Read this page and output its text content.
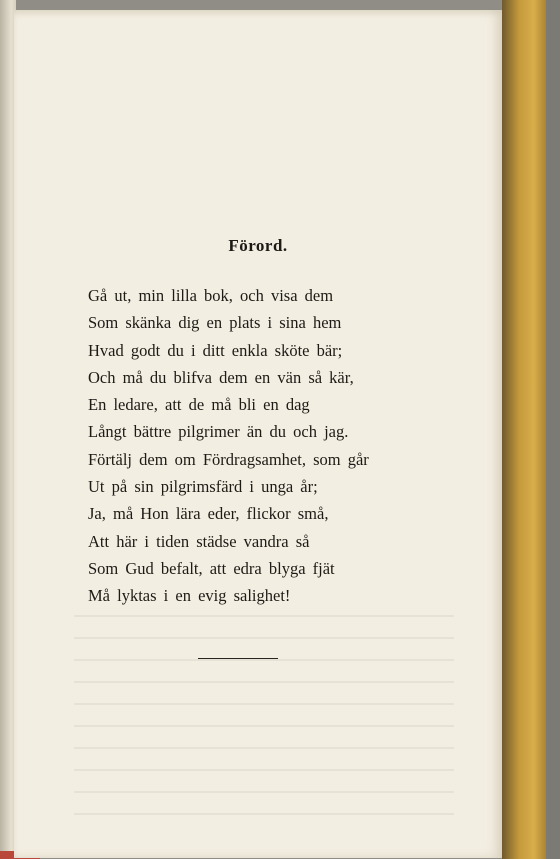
Förord.
Gå ut, min lilla bok, och visa dem
Som skänka dig en plats i sina hem
Hvad godt du i ditt enkla sköte bär;
Och må du blifva dem en vän så kär,
En ledare, att de må bli en dag
Långt bättre pilgrimer än du och jag.
Förtälj dem om Fördragsamhet, som går
Ut på sin pilgrimsfärd i unga år;
Ja, må Hon lära eder, flickor små,
Att här i tiden städse vandra så
Som Gud befalt, att edra blyga fjät
Må lyktas i en evig salighet!
